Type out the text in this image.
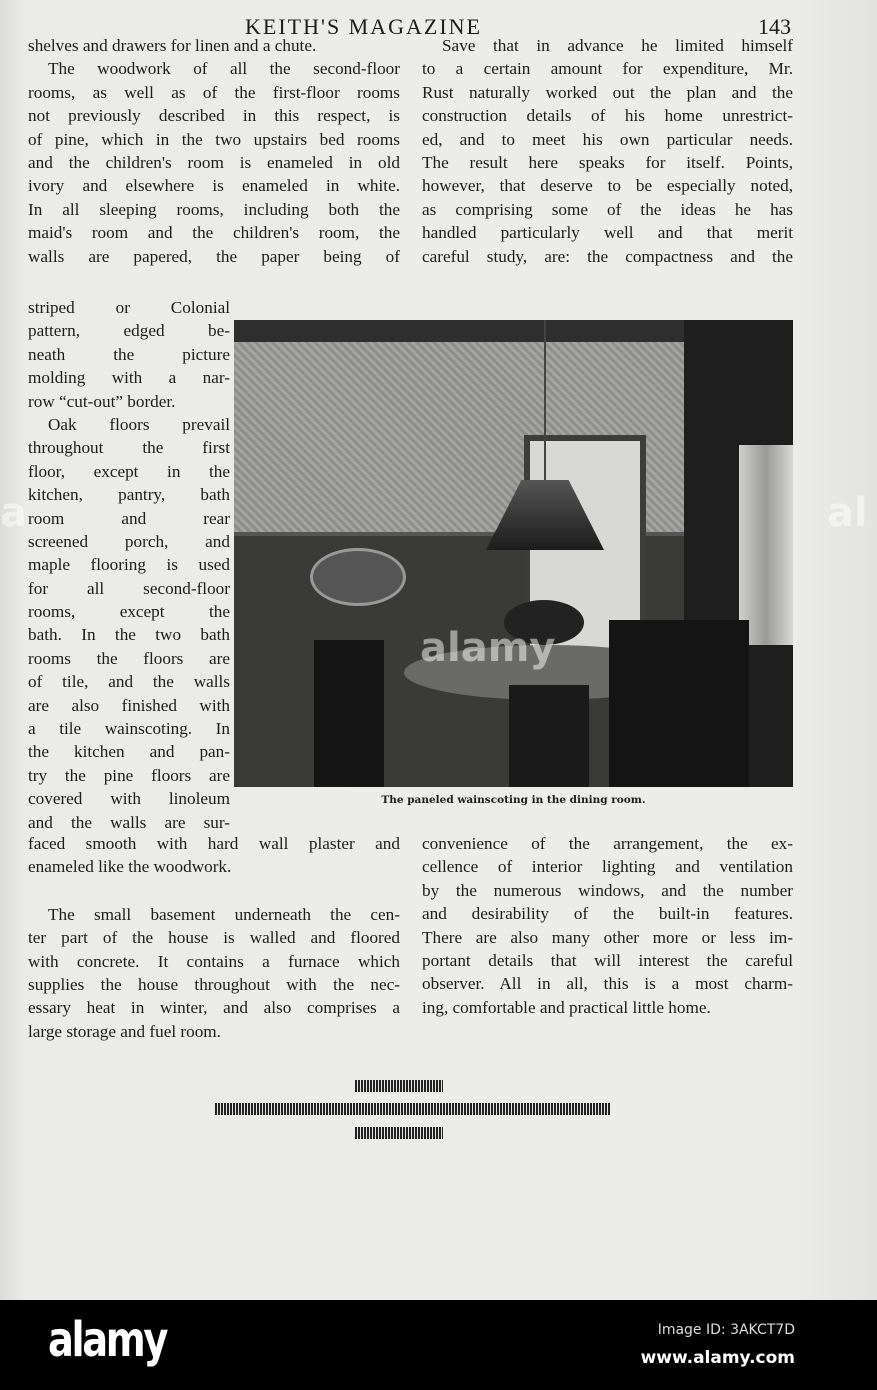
KEITH'S MAGAZINE	143
shelves and drawers for linen and a chute.
The woodwork of all the second-floor
rooms, as well as of the first-floor rooms
not previously described in this respect, is
of pine, which in the two upstairs bed rooms
and the children's room is enameled in old
ivory and elsewhere is enameled in white.
In all sleeping rooms, including both the
maid's room and the children's room, the
walls are papered, the paper being of
Save that in advance he limited himself
to a certain amount for expenditure, Mr.
Rust naturally worked out the plan and the
construction details of his home unrestrict-
ed, and to meet his own particular needs.
The result here speaks for itself. Points,
however, that deserve to be especially noted,
as comprising some of the ideas he has
handled particularly well and that merit
careful study, are: the compactness and the
striped or Colonial
pattern, edged be-
neath the picture
molding with a nar-
row “cut-out” border.
Oak floors prevail
throughout the first
floor, except in the
kitchen, pantry, bath
room and rear
screened porch, and
maple flooring is used
for all second-floor
rooms, except the
bath. In the two bath
rooms the floors are
of tile, and the walls
are also finished with
a tile wainscoting. In
the kitchen and pan-
try the pine floors are
covered with linoleum
and the walls are sur-
faced smooth with hard wall plaster and
enameled like the woodwork.
The small basement underneath the cen-
ter part of the house is walled and floored
with concrete. It contains a furnace which
supplies the house throughout with the nec-
essary heat in winter, and also comprises a
large storage and fuel room.
convenience of the arrangement, the ex-
cellence of interior lighting and ventilation
by the numerous windows, and the number
and desirability of the built-in features.
There are also many other more or less im-
portant details that will interest the careful
observer. All in all, this is a most charm-
ing, comfortable and practical little home.
The paneled wainscoting in the dining room.
a	al
alamy
alamy	Image ID: 3AKCT7D
www.alamy.com
